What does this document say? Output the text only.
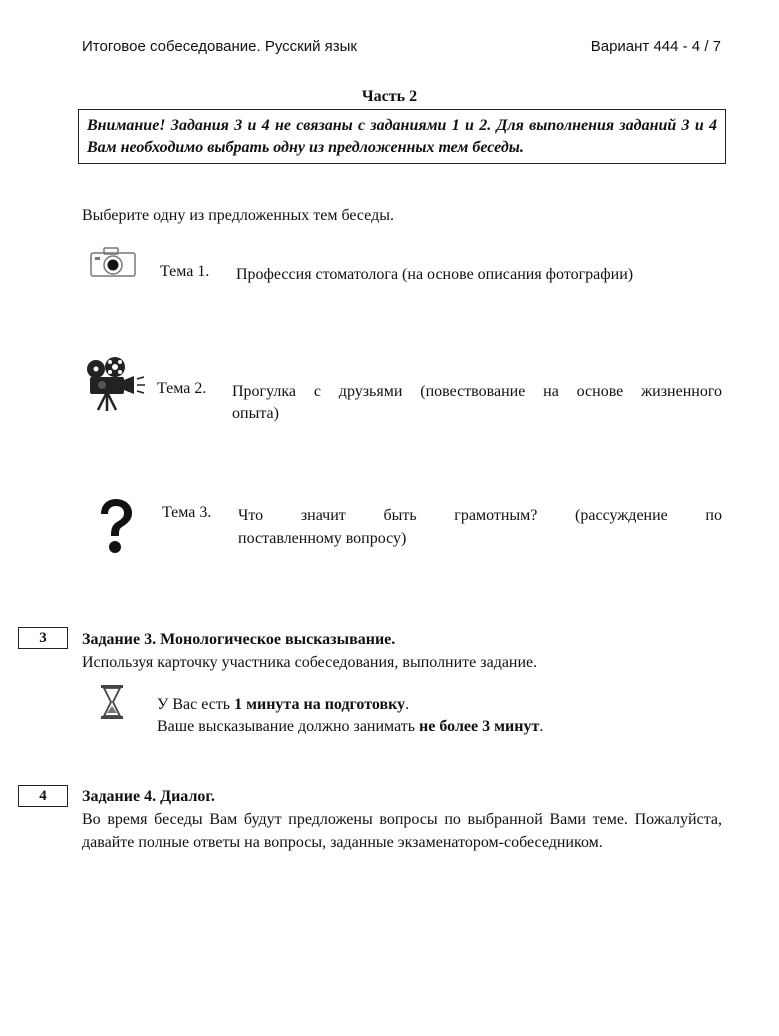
Итоговое собеседование. Русский язык	Вариант 444 - 4 / 7
Часть 2
Внимание! Задания 3 и 4 не связаны с заданиями 1 и 2. Для выполнения заданий 3 и 4 Вам необходимо выбрать одну из предложенных тем беседы.
Выберите одну из предложенных тем беседы.
Тема 1. Профессия стоматолога (на основе описания фотографии)
Тема 2. Прогулка с друзьями (повествование на основе жизненного
опыта)
Тема 3. Что значит быть грамотным? (рассуждение по
поставленному вопросу)
3	Задание 3. Монологическое высказывание.
Используя карточку участника собеседования, выполните задание.
У Вас есть 1 минута на подготовку.
Ваше высказывание должно занимать не более 3 минут.
4	Задание 4. Диалог.
Во время беседы Вам будут предложены вопросы по выбранной Вами теме. Пожалуйста, давайте полные ответы на вопросы, заданные экзаменатором-собеседником.
